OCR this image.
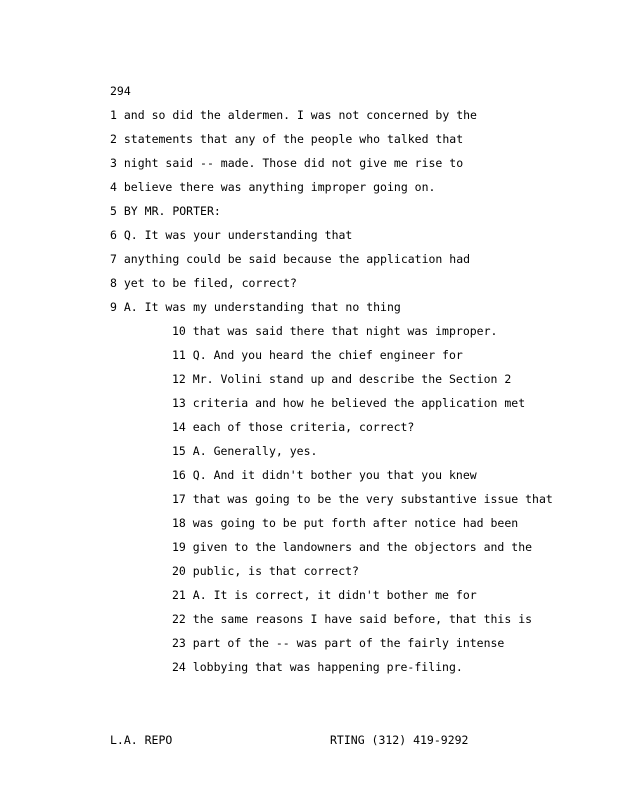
294
1 and so did the aldermen. I was not concerned by the
2 statements that any of the people who talked that
3 night said -- made. Those did not give me rise to
4 believe there was anything improper going on.
5 BY MR. PORTER:
6 Q. It was your understanding that
7 anything could be said because the application had
8 yet to be filed, correct?
9 A. It was my understanding that no thing
10 that was said there that night was improper.
11 Q. And you heard the chief engineer for
12 Mr. Volini stand up and describe the Section 2
13 criteria and how he believed the application met
14 each of those criteria, correct?
15 A. Generally, yes.
16 Q. And it didn't bother you that you knew
17 that was going to be the very substantive issue that
18 was going to be put forth after notice had been
19 given to the landowners and the objectors and the
20 public, is that correct?
21 A. It is correct, it didn't bother me for
22 the same reasons I have said before, that this is
23 part of the -- was part of the fairly intense
24 lobbying that was happening pre-filing.
L.A. REPO	RTING (312) 419-9292
